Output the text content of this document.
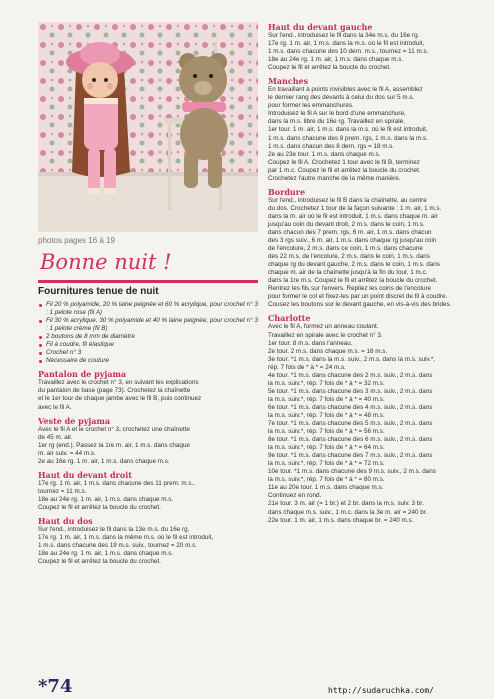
photos pages 16 à 19
Bonne nuit !
Fournitures tenue de nuit
Fil 20 % polyamide, 20 % laine peignée et 60 % acrylique, pour crochet n° 3 : 1 pelote rose (fil A)
Fil 30 % acrylique, 30 % polyamide et 40 % laine peignée, pour crochet n° 3 : 1 pelote crème (fil B)
2 boutons de 8 mm de diamètre
Fil à coudre, fil élastique
Crochet n° 3
Nécessaire de couture
Pantalon de pyjama

Travaillez avec le crochet n° 3, en suivant les explications

du pantalon de base (page 73). Crochetez la chaînette

et le 1er tour de chaque jambe avec le fil B, puis continuez

avec le fil A.

Veste de pyjama

Avec le fil A et le crochet n° 3, crochetez une chaînette

de 45 m. air.

1er rg (end.). Passez la 1re m. air, 1 m.s. dans chaque

m. air suiv. = 44 m.s.

2e au 16e rg. 1 m. air, 1 m.s. dans chaque m.s.

Haut du devant droit

17e rg. 1 m. air, 1 m.s. dans chacune des 11 prem. m.s.,

tournez = 11 m.s.

18e au 24e rg. 1 m. air, 1 m.s. dans chaque m.s.

Coupez le fil et arrêtez la boucle du crochet.

Haut du dos

Sur l'end., introduisez le fil dans la 13e m.s. du 16e rg.

17e rg. 1 m. air, 1 m.s. dans la même m.s. où le fil est introduit,

1 m.s. dans chacune des 19 m.s. suiv., tournez = 20 m.s.

18e au 24e rg. 1 m. air, 1 m.s. dans chaque m.s.

Coupez le fil et arrêtez la boucle du crochet.

Haut du devant gauche

Sur l'end., introduisez le fil dans la 34e m.s. du 16e rg.

17e rg. 1 m. air, 1 m.s. dans la m.s. où le fil est introduit,

1 m.s. dans chacune des 10 dern. m.s., tournez = 11 m.s.

18e au 24e rg. 1 m. air, 1 m.s. dans chaque m.s.

Coupez le fil et arrêtez la boucle du crochet.

Manches

En travaillant à points invisibles avec le fil A, assemblez

le dernier rang des devants à celui du dos sur 5 m.s.

pour former les emmanchures.

Introduisez le fil A sur le bord d'une emmanchure,

dans la m.s. libre du 16e rg. Travaillez en spirale.

1er tour. 1 m. air, 1 m.s. dans la m.s. où le fil est introduit,

1 m.s. dans chacune des 8 prem. rgs, 1 m.s. dans la m.s.

1 m.s. dans chacun des 8 dern. rgs = 18 m.s.

2e au 23e tour. 1 m.s. dans chaque m.s.

Coupez le fil A. Crochetez 1 tour avec le fil B, terminez

par 1 m.c. Coupez le fil et arrêtez la boucle du crochet.

Crochetez l'autre manche de la même manière.

Bordure

Sur l'end., introduisez le fil B dans la chaînette, au centre

du dos. Crochetez 1 tour de la façon suivante : 1 m. air, 1 m.s.

dans la m. air où le fil est introduit, 1 m.s. dans chaque m. air

jusqu'au coin du devant droit, 2 m.s. dans le coin, 1 m.s.

dans chacun des 7 prem. rgs, 6 m. air, 1 m.s. dans chacun

des 3 rgs suiv., 6 m. air, 1 m.s. dans chaque rg jusqu'au coin

de l'encolure, 2 m.s. dans ce coin, 1 m.s. dans chacune

des 22 m.s. de l'encolure, 2 m.s. dans le coin, 1 m.s. dans

chaque rg du devant gauche, 2 m.s. dans le coin, 1 m.s. dans

chaque m. air de la chaînette jusqu'à la fin du tour, 1 m.c.

dans la 1re m.s. Coupez le fil et arrêtez la boucle du crochet.

Rentrez les fils sur l'envers. Repliez les coins de l'encolure

pour former le col et fixez-les par un point discret de fil à coudre.

Cousez les boutons sur le devant gauche, en vis-à-vis des brides.

Charlotte

Avec le fil A, formez un anneau coulant.

Travaillez en spirale avec le crochet n° 3.

1er tour. 8 m.s. dans l'anneau.

2e tour. 2 m.s. dans chaque m.s. = 16 m.s.

3e tour. *1 m.s. dans la m.s. suiv., 2 m.s. dans la m.s. suiv.*,

rép. 7 fois de * à * = 24 m.s.

4e tour. *1 m.s. dans chacune des 2 m.s. suiv., 2 m.s. dans

la m.s. suiv.*, rép. 7 fois de * à * = 32 m.s.

5e tour. *1 m.s. dans chacune des 3 m.s. suiv., 2 m.s. dans

la m.s. suiv.*, rép. 7 fois de * à * = 40 m.s.

6e tour. *1 m.s. dans chacune des 4 m.s. suiv., 2 m.s. dans

la m.s. suiv.*, rép. 7 fois de * à * = 48 m.s.

7e tour. *1 m.s. dans chacune des 5 m.s. suiv., 2 m.s. dans

la m.s. suiv.*, rép. 7 fois de * à * = 56 m.s.

8e tour. *1 m.s. dans chacune des 6 m.s. suiv., 2 m.s. dans

la m.s. suiv.*, rép. 7 fois de * à * = 64 m.s.

9e tour. *1 m.s. dans chacune des 7 m.s. suiv., 2 m.s. dans

la m.s. suiv.*, rép. 7 fois de * à * = 72 m.s.

10e tour. *1 m.s. dans chacune des 9 m.s. suiv., 2 m.s. dans

la m.s. suiv.*, rép. 7 fois de * à * = 80 m.s.

11e au 20e tour. 1 m.s. dans chaque m.s.

Continuez en rond.

21e tour. 3 m. air (= 1 br.) et 2 br. dans la m.s. suiv. 3 br.

dans chaque m.s. suiv., 1 m.c. dans la 3e m. air = 240 br.

22e tour. 1 m. air, 1 m.s. dans chaque br. = 240 m.s.

*74	http://sudaruchka.com/
